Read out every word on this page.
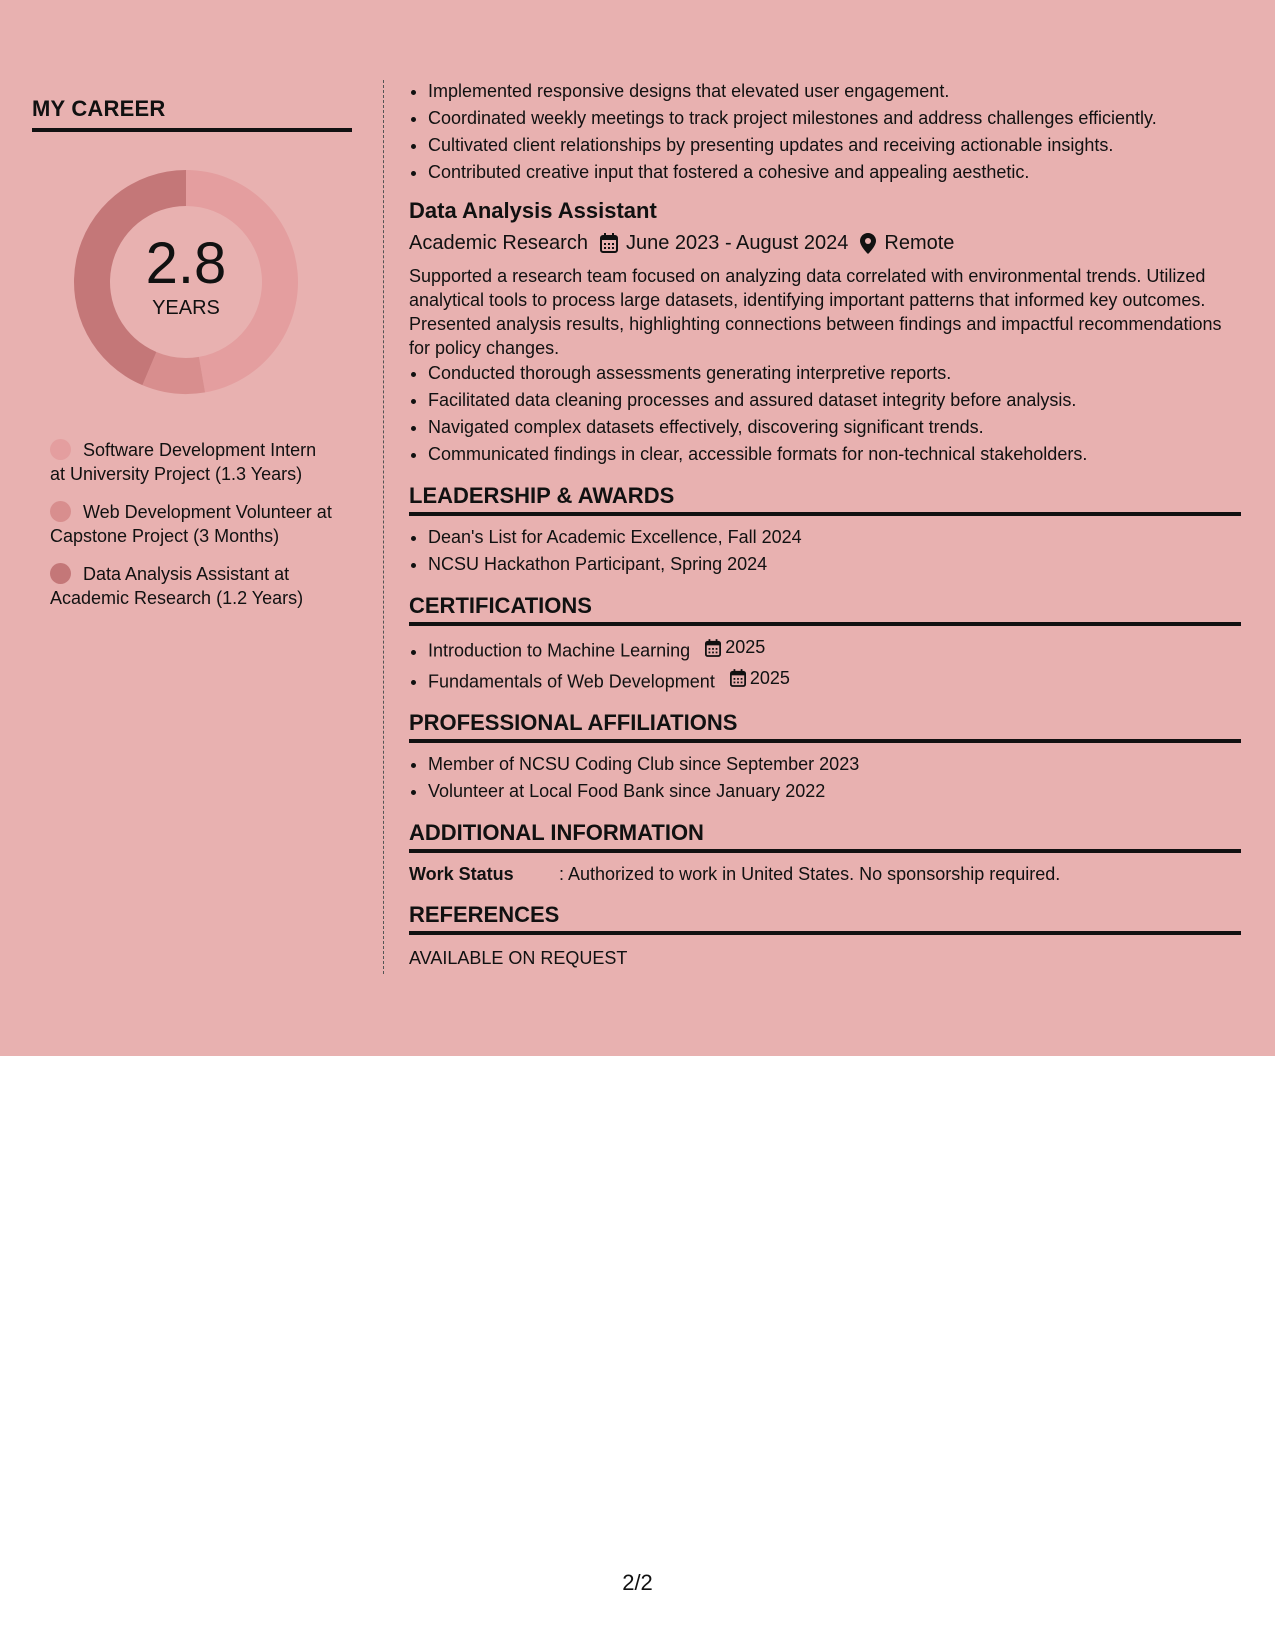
MY CAREER
2.8
YEARS
Software Development Intern at University Project (1.3 Years)
Web Development Volunteer at Capstone Project (3 Months)
Data Analysis Assistant at Academic Research (1.2 Years)
• Implemented responsive designs that elevated user engagement.
• Coordinated weekly meetings to track project milestones and address challenges efficiently.
• Cultivated client relationships by presenting updates and receiving actionable insights.
• Contributed creative input that fostered a cohesive and appealing aesthetic.
Data Analysis Assistant
Academic Research June 2023 - August 2024 Remote
Supported a research team focused on analyzing data correlated with environmental trends. Utilized analytical tools to process large datasets, identifying important patterns that informed key outcomes. Presented analysis results, highlighting connections between findings and impactful recommendations for policy changes.
• Conducted thorough assessments generating interpretive reports.
• Facilitated data cleaning processes and assured dataset integrity before analysis.
• Navigated complex datasets effectively, discovering significant trends.
• Communicated findings in clear, accessible formats for non-technical stakeholders.
LEADERSHIP & AWARDS
• Dean's List for Academic Excellence, Fall 2024
• NCSU Hackathon Participant, Spring 2024
CERTIFICATIONS
• Introduction to Machine Learning 2025
• Fundamentals of Web Development 2025
PROFESSIONAL AFFILIATIONS
• Member of NCSU Coding Club since September 2023
• Volunteer at Local Food Bank since January 2022
ADDITIONAL INFORMATION
Work Status	: Authorized to work in United States. No sponsorship required.
REFERENCES
AVAILABLE ON REQUEST
2/2
